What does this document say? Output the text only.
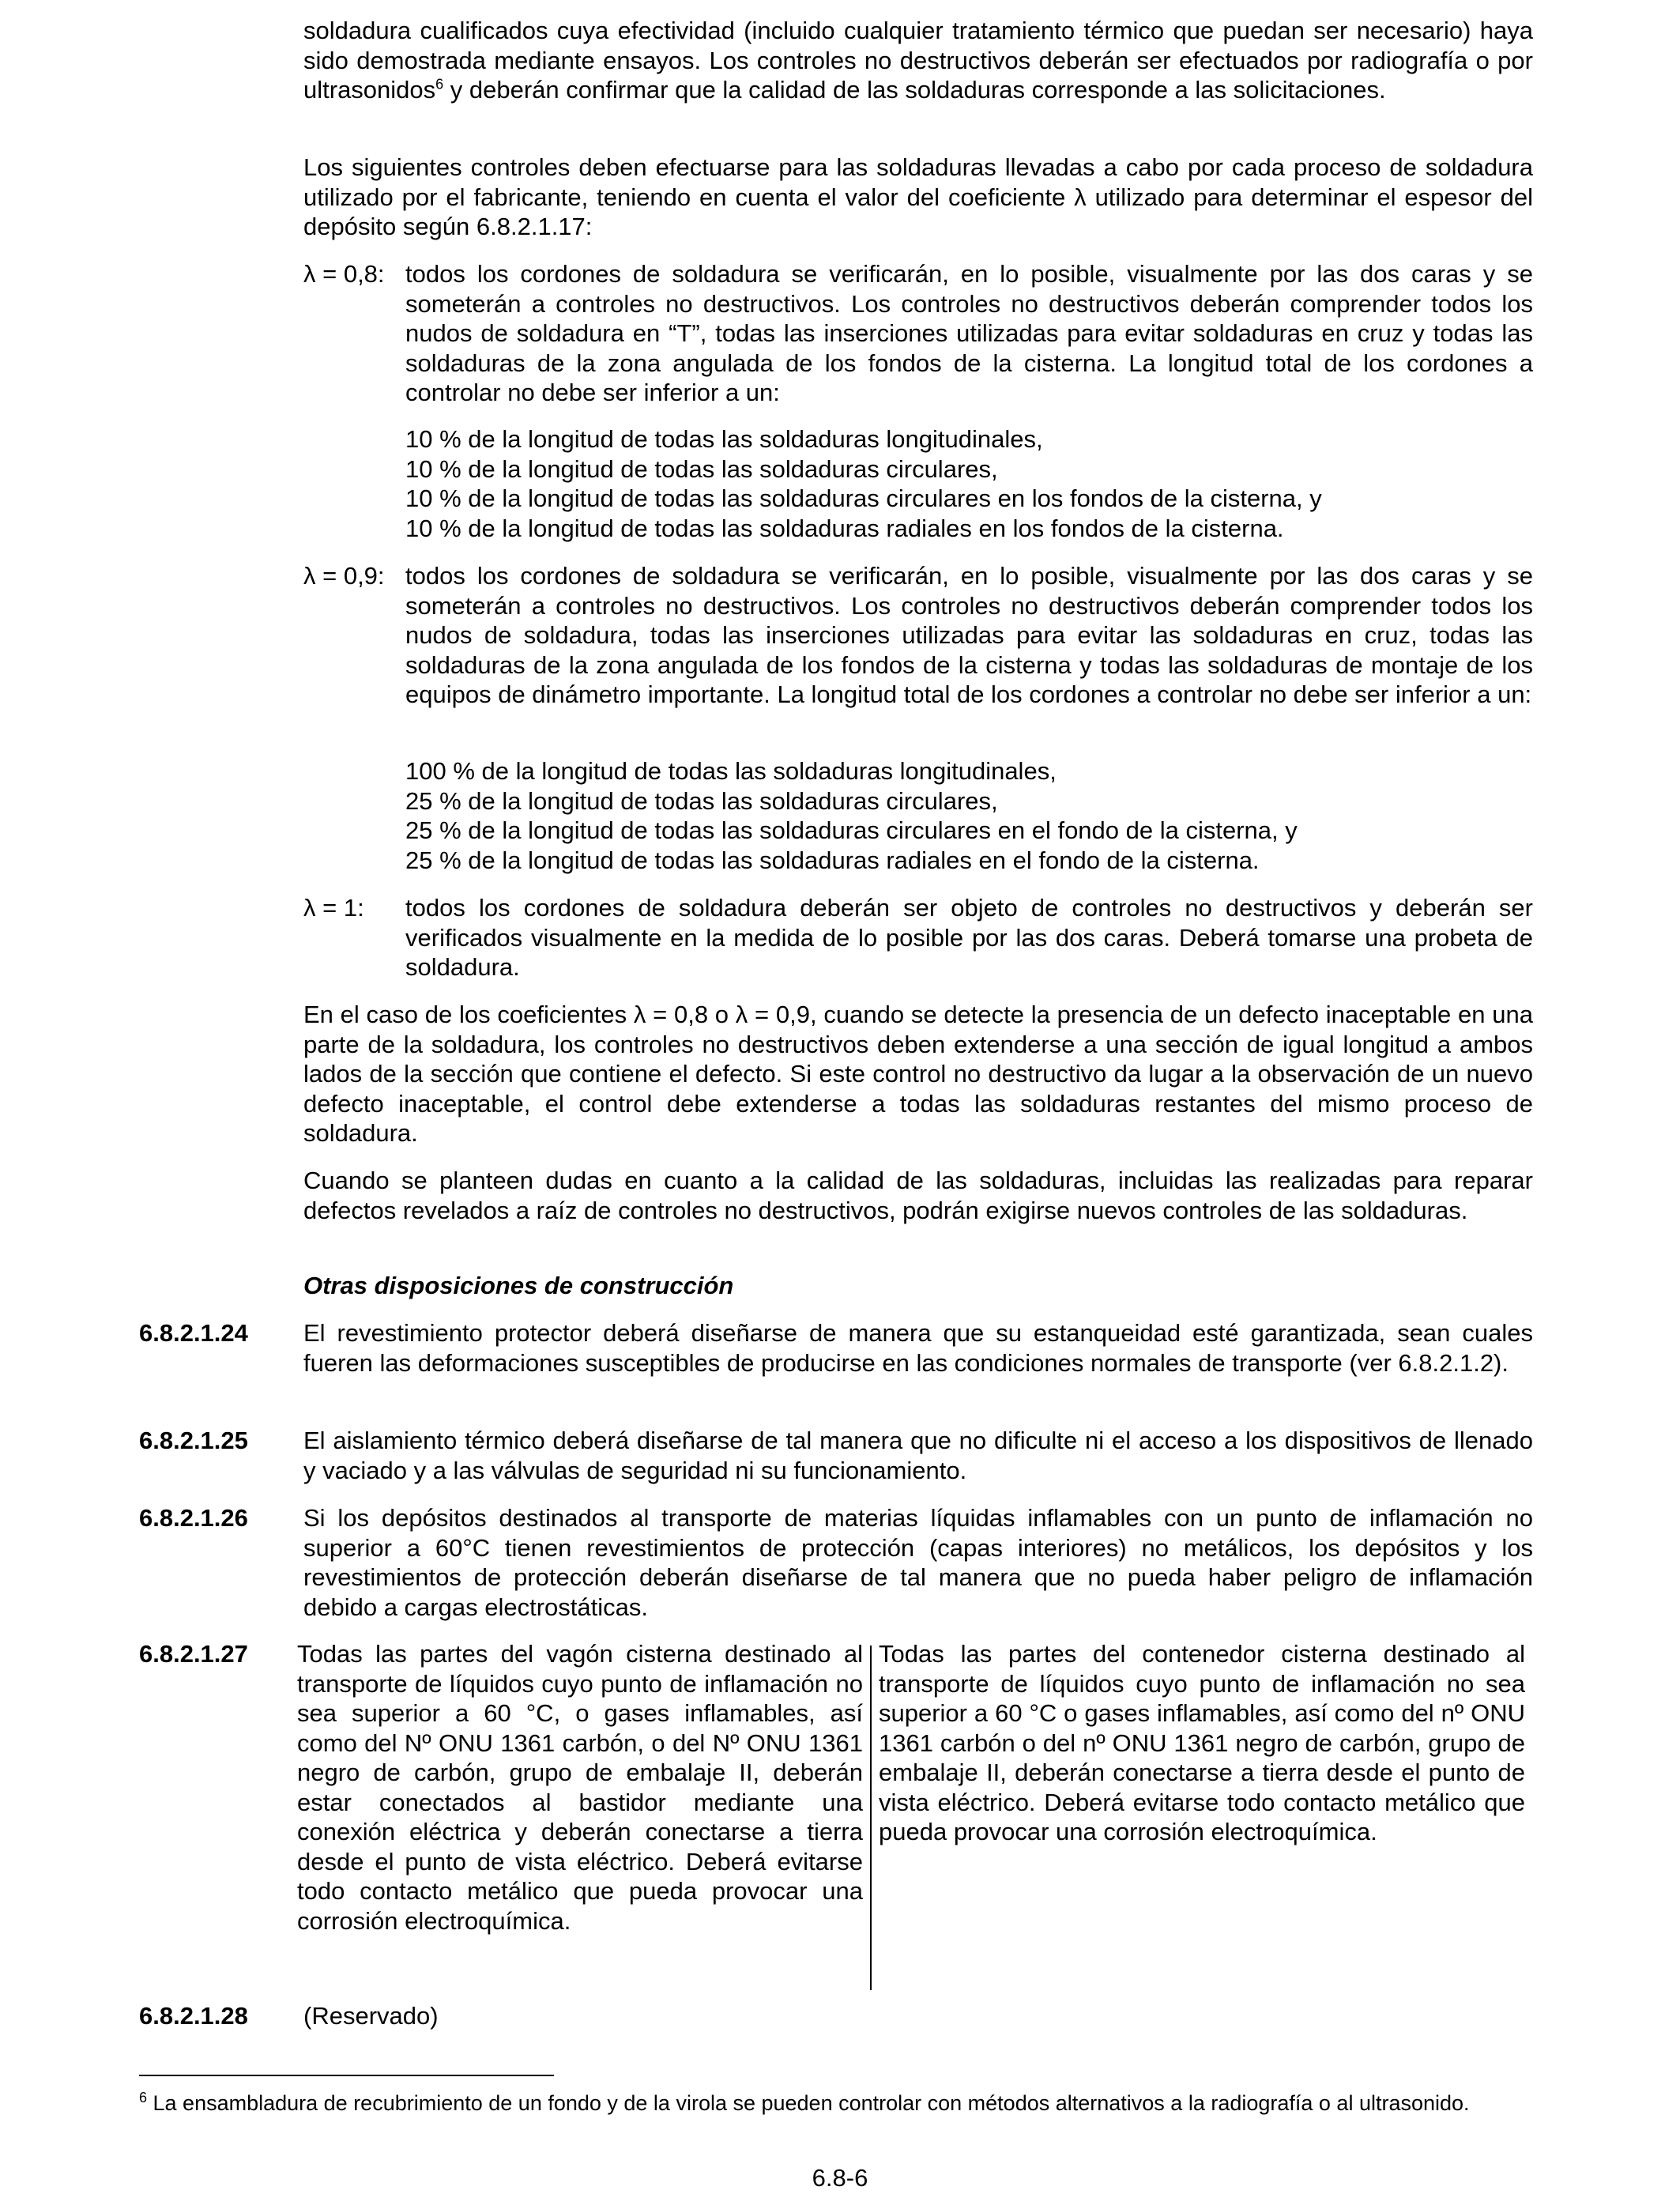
soldadura cualificados cuya efectividad (incluido cualquier tratamiento térmico que puedan ser necesario) haya sido demostrada mediante ensayos. Los controles no destructivos deberán ser efectuados por radiografía o por ultrasonidos$^6$ y deberán confirmar que la calidad de las soldaduras corresponde a las solicitaciones.

Los siguientes controles deben efectuarse para las soldaduras llevadas a cabo por cada proceso de soldadura utilizado por el fabricante, teniendo en cuenta el valor del coeficiente λ utilizado para determinar el espesor del depósito según 6.8.2.1.17:

λ = 0,8: todos los cordones de soldadura se verificarán, en lo posible, visualmente por las dos caras y se someterán a controles no destructivos. Los controles no destructivos deberán comprender todos los nudos de soldadura en “T”, todas las inserciones utilizadas para evitar soldaduras en cruz y todas las soldaduras de la zona angulada de los fondos de la cisterna. La longitud total de los cordones a controlar no debe ser inferior a un:

10 % de la longitud de todas las soldaduras longitudinales,
10 % de la longitud de todas las soldaduras circulares,
10 % de la longitud de todas las soldaduras circulares en los fondos de la cisterna, y
10 % de la longitud de todas las soldaduras radiales en los fondos de la cisterna.
λ = 0,9: todos los cordones de soldadura se verificarán, en lo posible, visualmente por las dos caras y se someterán a controles no destructivos. Los controles no destructivos deberán comprender todos los nudos de soldadura, todas las inserciones utilizadas para evitar las soldaduras en cruz, todas las soldaduras de la zona angulada de los fondos de la cisterna y todas las soldaduras de montaje de los equipos de dinámetro importante. La longitud total de los cordones a controlar no debe ser inferior a un:

100 % de la longitud de todas las soldaduras longitudinales,
25 % de la longitud de todas las soldaduras circulares,
25 % de la longitud de todas las soldaduras circulares en el fondo de la cisterna, y
25 % de la longitud de todas las soldaduras radiales en el fondo de la cisterna.
λ = 1: todos los cordones de soldadura deberán ser objeto de controles no destructivos y deberán ser verificados visualmente en la medida de lo posible por las dos caras. Deberá tomarse una probeta de soldadura.

En el caso de los coeficientes λ = 0,8 o λ = 0,9, cuando se detecte la presencia de un defecto inaceptable en una parte de la soldadura, los controles no destructivos deben extenderse a una sección de igual longitud a ambos lados de la sección que contiene el defecto. Si este control no destructivo da lugar a la observación de un nuevo defecto inaceptable, el control debe extenderse a todas las soldaduras restantes del mismo proceso de soldadura.

Cuando se planteen dudas en cuanto a la calidad de las soldaduras, incluidas las realizadas para reparar defectos revelados a raíz de controles no destructivos, podrán exigirse nuevos controles de las soldaduras.

Otras disposiciones de construcción
6.8.2.1.24 El revestimiento protector deberá diseñarse de manera que su estanqueidad esté garantizada, sean cuales fueren las deformaciones susceptibles de producirse en las condiciones normales de transporte (ver 6.8.2.1.2).

6.8.2.1.25 El aislamiento térmico deberá diseñarse de tal manera que no dificulte ni el acceso a los dispositivos de llenado y vaciado y a las válvulas de seguridad ni su funcionamiento.

6.8.2.1.26 Si los depósitos destinados al transporte de materias líquidas inflamables con un punto de inflamación no superior a 60°C tienen revestimientos de protección (capas interiores) no metálicos, los depósitos y los revestimientos de protección deberán diseñarse de tal manera que no pueda haber peligro de inflamación debido a cargas electrostáticas.

6.8.2.1.27 Todas las partes del vagón cisterna destinado al transporte de líquidos cuyo punto de inflamación no sea superior a 60 °C, o gases inflamables, así como del Nº ONU 1361 carbón, o del Nº ONU 1361 negro de carbón, grupo de embalaje II, deberán estar conectados al bastidor mediante una conexión eléctrica y deberán conectarse a tierra desde el punto de vista eléctrico. Deberá evitarse todo contacto metálico que pueda provocar una corrosión electroquímica.

Todas las partes del contenedor cisterna destinado al transporte de líquidos cuyo punto de inflamación no sea superior a 60 °C o gases inflamables, así como del nº ONU 1361 carbón o del nº ONU 1361 negro de carbón, grupo de embalaje II, deberán conectarse a tierra desde el punto de vista eléctrico. Deberá evitarse todo contacto metálico que pueda provocar una corrosión electroquímica.

6.8.2.1.28 (Reservado)

$^6$ La ensambladura de recubrimiento de un fondo y de la virola se pueden controlar con métodos alternativos a la radiografía o al ultrasonido.

6.8-6
